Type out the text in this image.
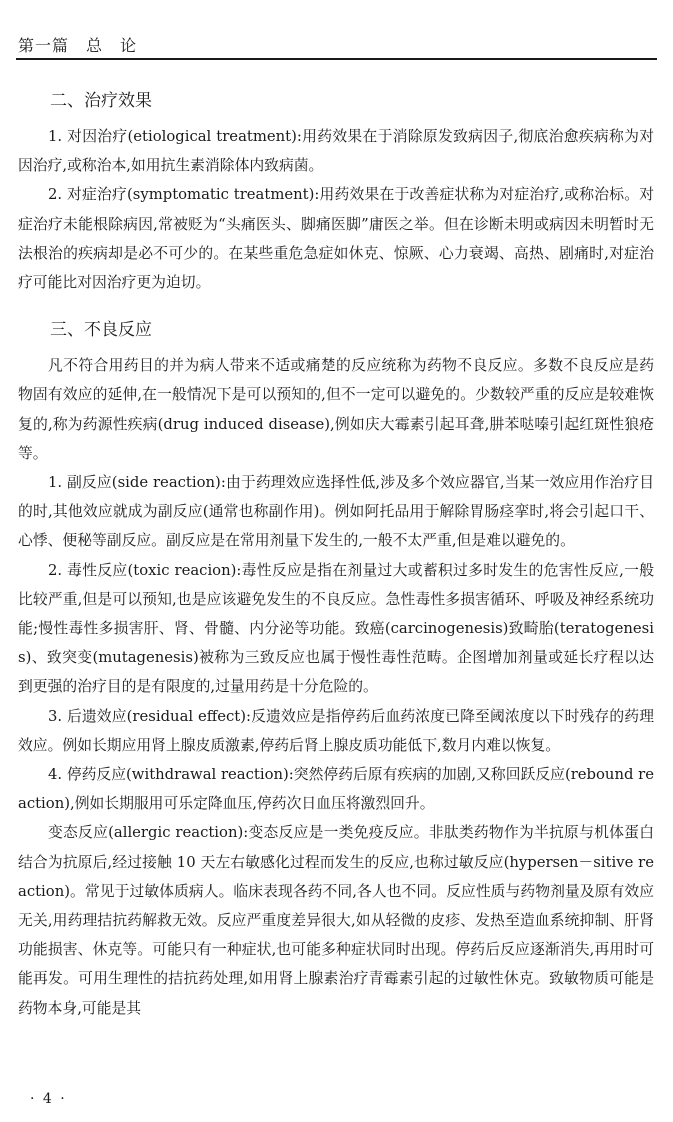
第一篇　总　论
二、治疗效果

1. 对因治疗(etiological treatment):用药效果在于消除原发致病因子,彻底治愈疾病称为对因治疗,或称治本,如用抗生素消除体内致病菌。

2. 对症治疗(symptomatic treatment):用药效果在于改善症状称为对症治疗,或称治标。对症治疗未能根除病因,常被贬为“头痛医头、脚痛医脚”庸医之举。但在诊断未明或病因未明暂时无法根治的疾病却是必不可少的。在某些重危急症如休克、惊厥、心力衰竭、高热、剧痛时,对症治疗可能比对因治疗更为迫切。

三、不良反应

凡不符合用药目的并为病人带来不适或痛楚的反应统称为药物不良反应。多数不良反应是药物固有效应的延伸,在一般情况下是可以预知的,但不一定可以避免的。少数较严重的反应是较难恢复的,称为药源性疾病(drug induced disease),例如庆大霉素引起耳聋,肼苯哒嗪引起红斑性狼疮等。

1. 副反应(side reaction):由于药理效应选择性低,涉及多个效应器官,当某一效应用作治疗目的时,其他效应就成为副反应(通常也称副作用)。例如阿托品用于解除胃肠痉挛时,将会引起口干、心悸、便秘等副反应。副反应是在常用剂量下发生的,一般不太严重,但是难以避免的。

2. 毒性反应(toxic reacion):毒性反应是指在剂量过大或蓄积过多时发生的危害性反应,一般比较严重,但是可以预知,也是应该避免发生的不良反应。急性毒性多损害循环、呼吸及神经系统功能;慢性毒性多损害肝、肾、骨髓、内分泌等功能。致癌(carcinogenesis)致畸胎(teratogenesis)、致突变(mutagenesis)被称为三致反应也属于慢性毒性范畴。企图增加剂量或延长疗程以达到更强的治疗目的是有限度的,过量用药是十分危险的。

3. 后遗效应(residual effect):反遗效应是指停药后血药浓度已降至阈浓度以下时残存的药理效应。例如长期应用肾上腺皮质激素,停药后肾上腺皮质功能低下,数月内难以恢复。

4. 停药反应(withdrawal reaction):突然停药后原有疾病的加剧,又称回跃反应(rebound reaction),例如长期服用可乐定降血压,停药次日血压将激烈回升。

变态反应(allergic reaction):变态反应是一类免疫反应。非肽类药物作为半抗原与机体蛋白结合为抗原后,经过接触 10 天左右敏感化过程而发生的反应,也称过敏反应(hypersen－sitive reaction)。常见于过敏体质病人。临床表现各药不同,各人也不同。反应性质与药物剂量及原有效应无关,用药理拮抗药解救无效。反应严重度差异很大,如从轻微的皮疹、发热至造血系统抑制、肝肾功能损害、休克等。可能只有一种症状,也可能多种症状同时出现。停药后反应逐渐消失,再用时可能再发。可用生理性的拮抗药处理,如用肾上腺素治疗青霉素引起的过敏性休克。致敏物质可能是药物本身,可能是其

· 4 ·
